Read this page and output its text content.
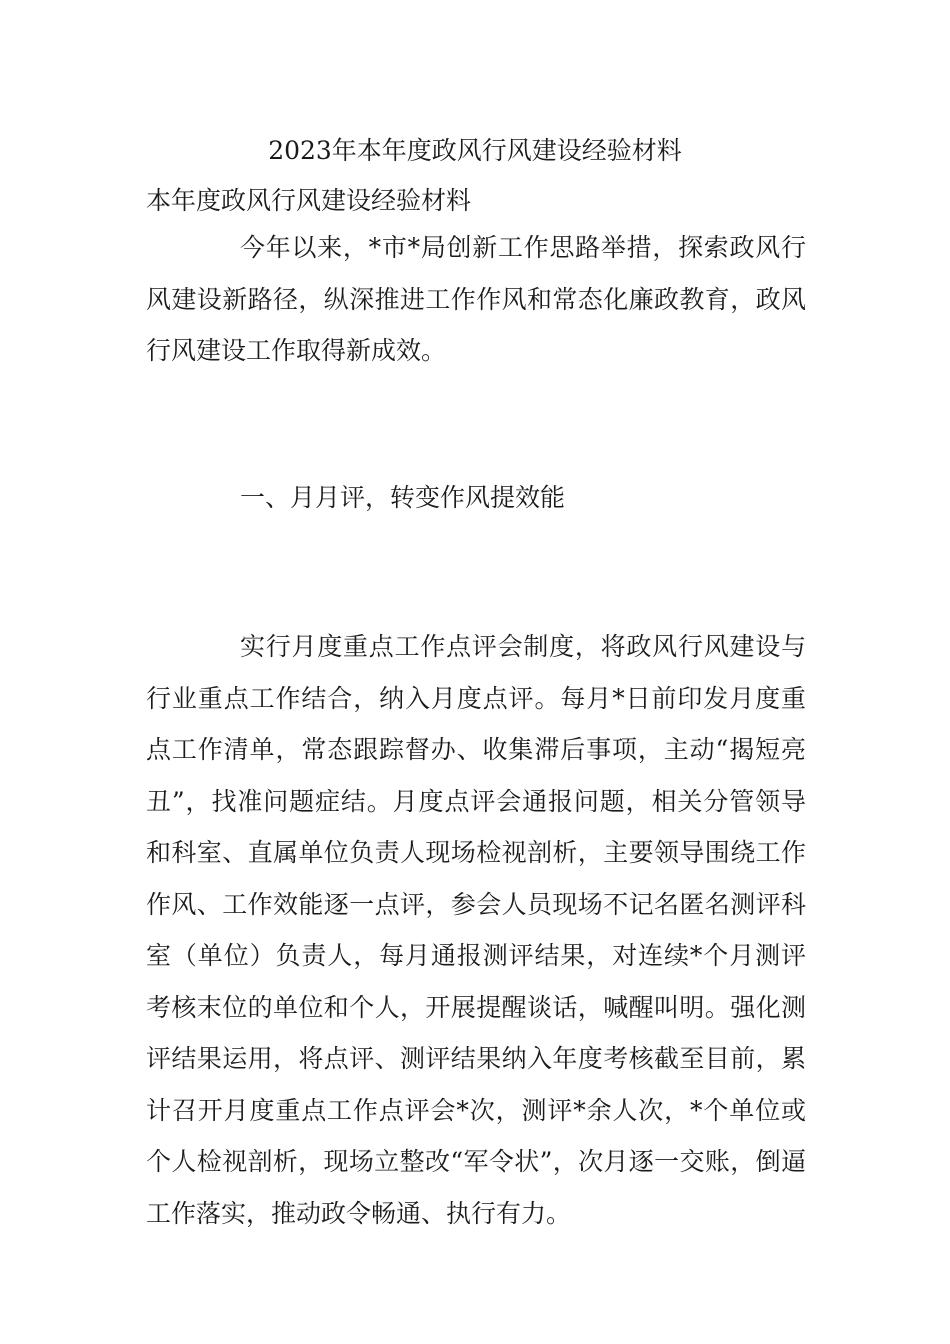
2023年本年度政风行风建设经验材料
本年度政风行风建设经验材料

今年以来，*市*局创新工作思路举措，探索政风行风建设新路径，纵深推进工作作风和常态化廉政教育，政风行风建设工作取得新成效。

一、月月评，转变作风提效能

实行月度重点工作点评会制度，将政风行风建设与行业重点工作结合，纳入月度点评。每月*日前印发月度重点工作清单，常态跟踪督办、收集滞后事项，主动“揭短亮丑”，找准问题症结。月度点评会通报问题，相关分管领导和科室、直属单位负责人现场检视剖析，主要领导围绕工作作风、工作效能逐一点评，参会人员现场不记名匿名测评科室（单位）负责人，每月通报测评结果，对连续*个月测评考核末位的单位和个人，开展提醒谈话，喊醒叫明。强化测评结果运用，将点评、测评结果纳入年度考核截至目前，累计召开月度重点工作点评会*次，测评*余人次，*个单位或个人检视剖析，现场立整改“军令状”，次月逐一交账，倒逼工作落实，推动政令畅通、执行有力。
